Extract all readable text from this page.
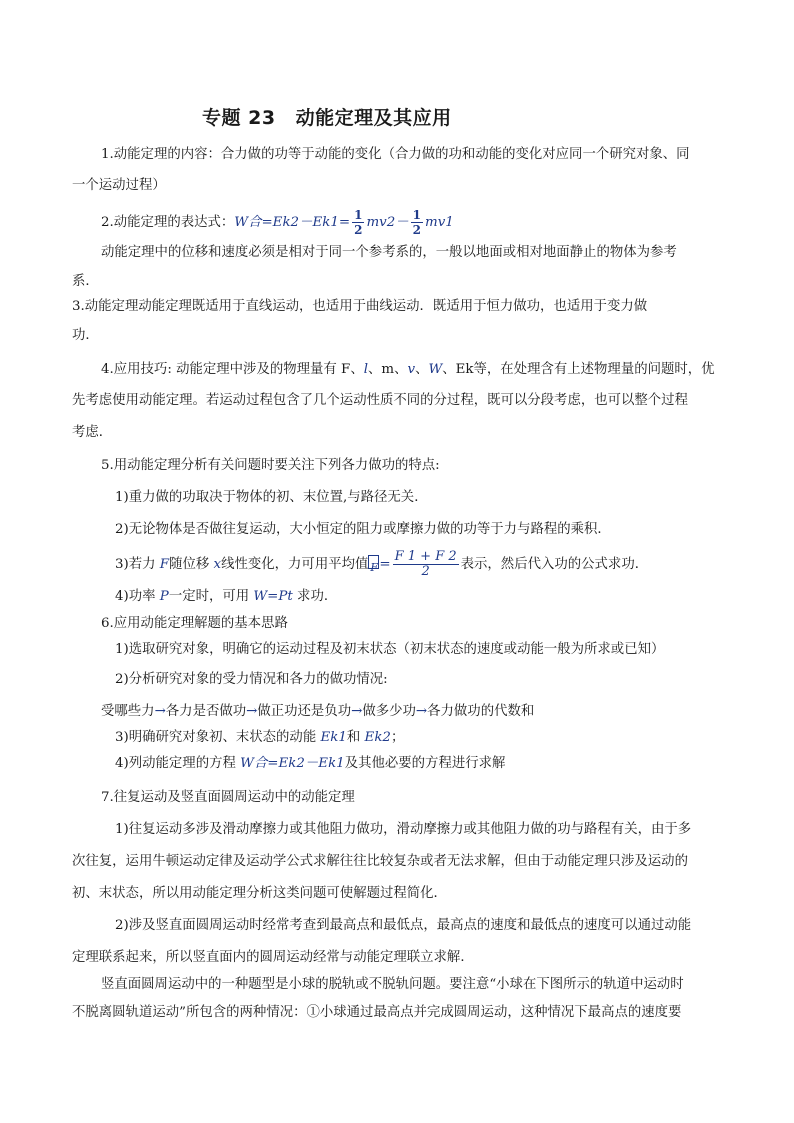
专题 23 动能定理及其应用
1.动能定理的内容：合力做的功等于动能的变化（合力做的功和动能的变化对应同一个研究对象、同
一个运动过程）
2.动能定理的表达式：W合$=Ek2-Ek1= \frac{1}{2} mv2- \frac{1}{2} mv1$
动能定理中的位移和速度必须是相对于同一个参考系的，一般以地面或相对地面静止的物体为参考
系．
3.动能定理动能定理既适用于直线运动，也适用于曲线运动．既适用于恒力做功，也适用于变力做
功．
4.应用技巧: 动能定理中涉及的物理量有 F、l、m、v、W、Ek等，在处理含有上述物理量的问题时，优
先考虑使用动能定理。若运动过程包含了几个运动性质不同的分过程，既可以分段考虑，也可以整个过程
考虑．
5.用动能定理分析有关问题时要关注下列各力做功的特点:
1)重力做的功取决于物体的初、末位置,与路径无关．
2)无论物体是否做往复运动，大小恒定的阻力或摩擦力做的功等于力与路程的乘积．
3)若力 F随位移 x线性变化，力可用平均值$F = \frac{F 1 + F 2}{2}$ 表示，然后代入功的公式求功．
4)功率 P一定时，可用 W=Pt 求功．
6.应用动能定理解题的基本思路
1)选取研究对象，明确它的运动过程及初末状态（初末状态的速度或动能一般为所求或已知）
2)分析研究对象的受力情况和各力的做功情况:
受哪些力→各力是否做功→做正功还是负功→做多少功→各力做功的代数和
3)明确研究对象初、末状态的动能 Ek1和 Ek2；
4)列动能定理的方程 W合=Ek2－Ek1及其他必要的方程进行求解
7.往复运动及竖直面圆周运动中的动能定理
1)往复运动多涉及滑动摩擦力或其他阻力做功，滑动摩擦力或其他阻力做的功与路程有关，由于多
次往复，运用牛顿运动定律及运动学公式求解往往比较复杂或者无法求解，但由于动能定理只涉及运动的
初、末状态，所以用动能定理分析这类问题可使解题过程简化．
2)涉及竖直面圆周运动时经常考查到最高点和最低点，最高点的速度和最低点的速度可以通过动能
定理联系起来，所以竖直面内的圆周运动经常与动能定理联立求解．
竖直面圆周运动中的一种题型是小球的脱轨或不脱轨问题。要注意“小球在下图所示的轨道中运动时
不脱离圆轨道运动”所包含的两种情况：①小球通过最高点并完成圆周运动，这种情况下最高点的速度要
